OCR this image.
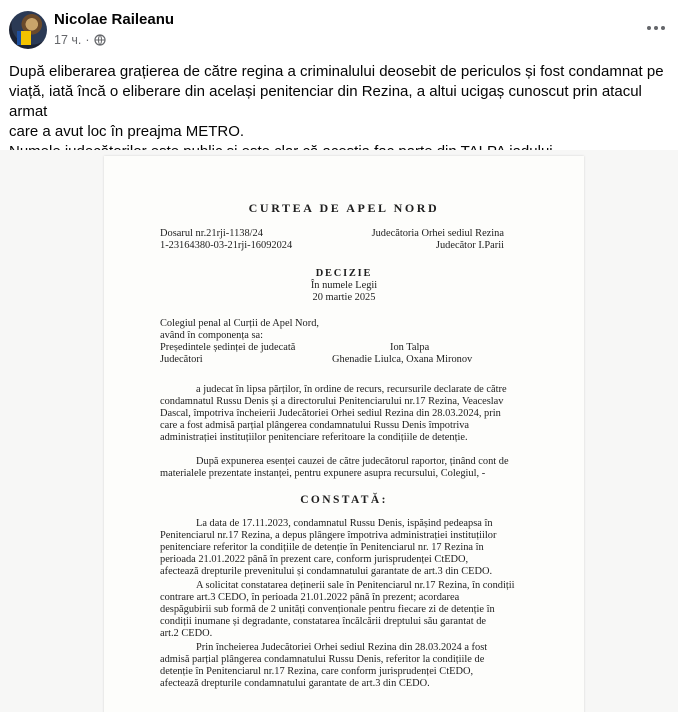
Nicolae Raileanu
17 ч. ·

După eliberarea grațierea de către regina a criminalului deosebit de periculos și fost condamnat pe

viață, iată încă o eliberare din același penitenciar din Rezina, a altui ucigaș cunoscut prin atacul armat

care a avut loc în preajma METRO.

CURTEA DE APEL NORD
Dosarul nr.21rji-1138/24
1-23164380-03-21rji-16092024
Judecătoria Orhei sediul Rezina
Judecător I.Parii
DECIZIE
În numele Legii
20 martie 2025
Colegiul penal al Curții de Apel Nord,
având în componența sa:
Președintele ședinței de judecată	Ion Talpa
Judecători	Ghenadie Liulca, Oxana Mironov
a judecat în lipsa părților, în ordine de recurs, recursurile declarate de către
condamnatul Russu Denis și a directorului Penitenciarului nr.17 Rezina, Veaceslav
Dascal, împotriva încheierii Judecătoriei Orhei sediul Rezina din 28.03.2024, prin
care a fost admisă parțial plângerea condamnatului Russu Denis împotriva
administrației instituțiilor penitenciare referitoare la condițiile de detenție.
După expunerea esenței cauzei de către judecătorul raportor, ținând cont de
materialele prezentate instanței, pentru expunere asupra recursului, Colegiul, -
CONSTATĂ:
La data de 17.11.2023, condamnatul Russu Denis, ispășind pedeapsa în
Penitenciarul nr.17 Rezina, a depus plângere împotriva administrației instituțiilor
penitenciare referitor la condițiile de detenție în Penitenciarul nr. 17 Rezina în
perioada 21.01.2022 până în prezent care, conform jurisprudenței CtEDO,
afectează drepturile prevenitului și condamnatului garantate de art.3 din CEDO.
A solicitat constatarea deținerii sale în Penitenciarul nr.17 Rezina, în condiții
contrare art.3 CEDO, în perioada 21.01.2022 până în prezent; acordarea
despăgubirii sub formă de 2 unități convenționale pentru fiecare zi de detenție în
condiții inumane și degradante, constatarea încălcării dreptului său garantat de
art.2 CEDO.
Prin încheierea Judecătoriei Orhei sediul Rezina din 28.03.2024 a fost
admisă parțial plângerea condamnatului Russu Denis, referitor la condițiile de
detenție în Penitenciarul nr.17 Rezina, care conform jurisprudenței CtEDO,
afectează drepturile condamnatului garantate de art.3 din CEDO.
